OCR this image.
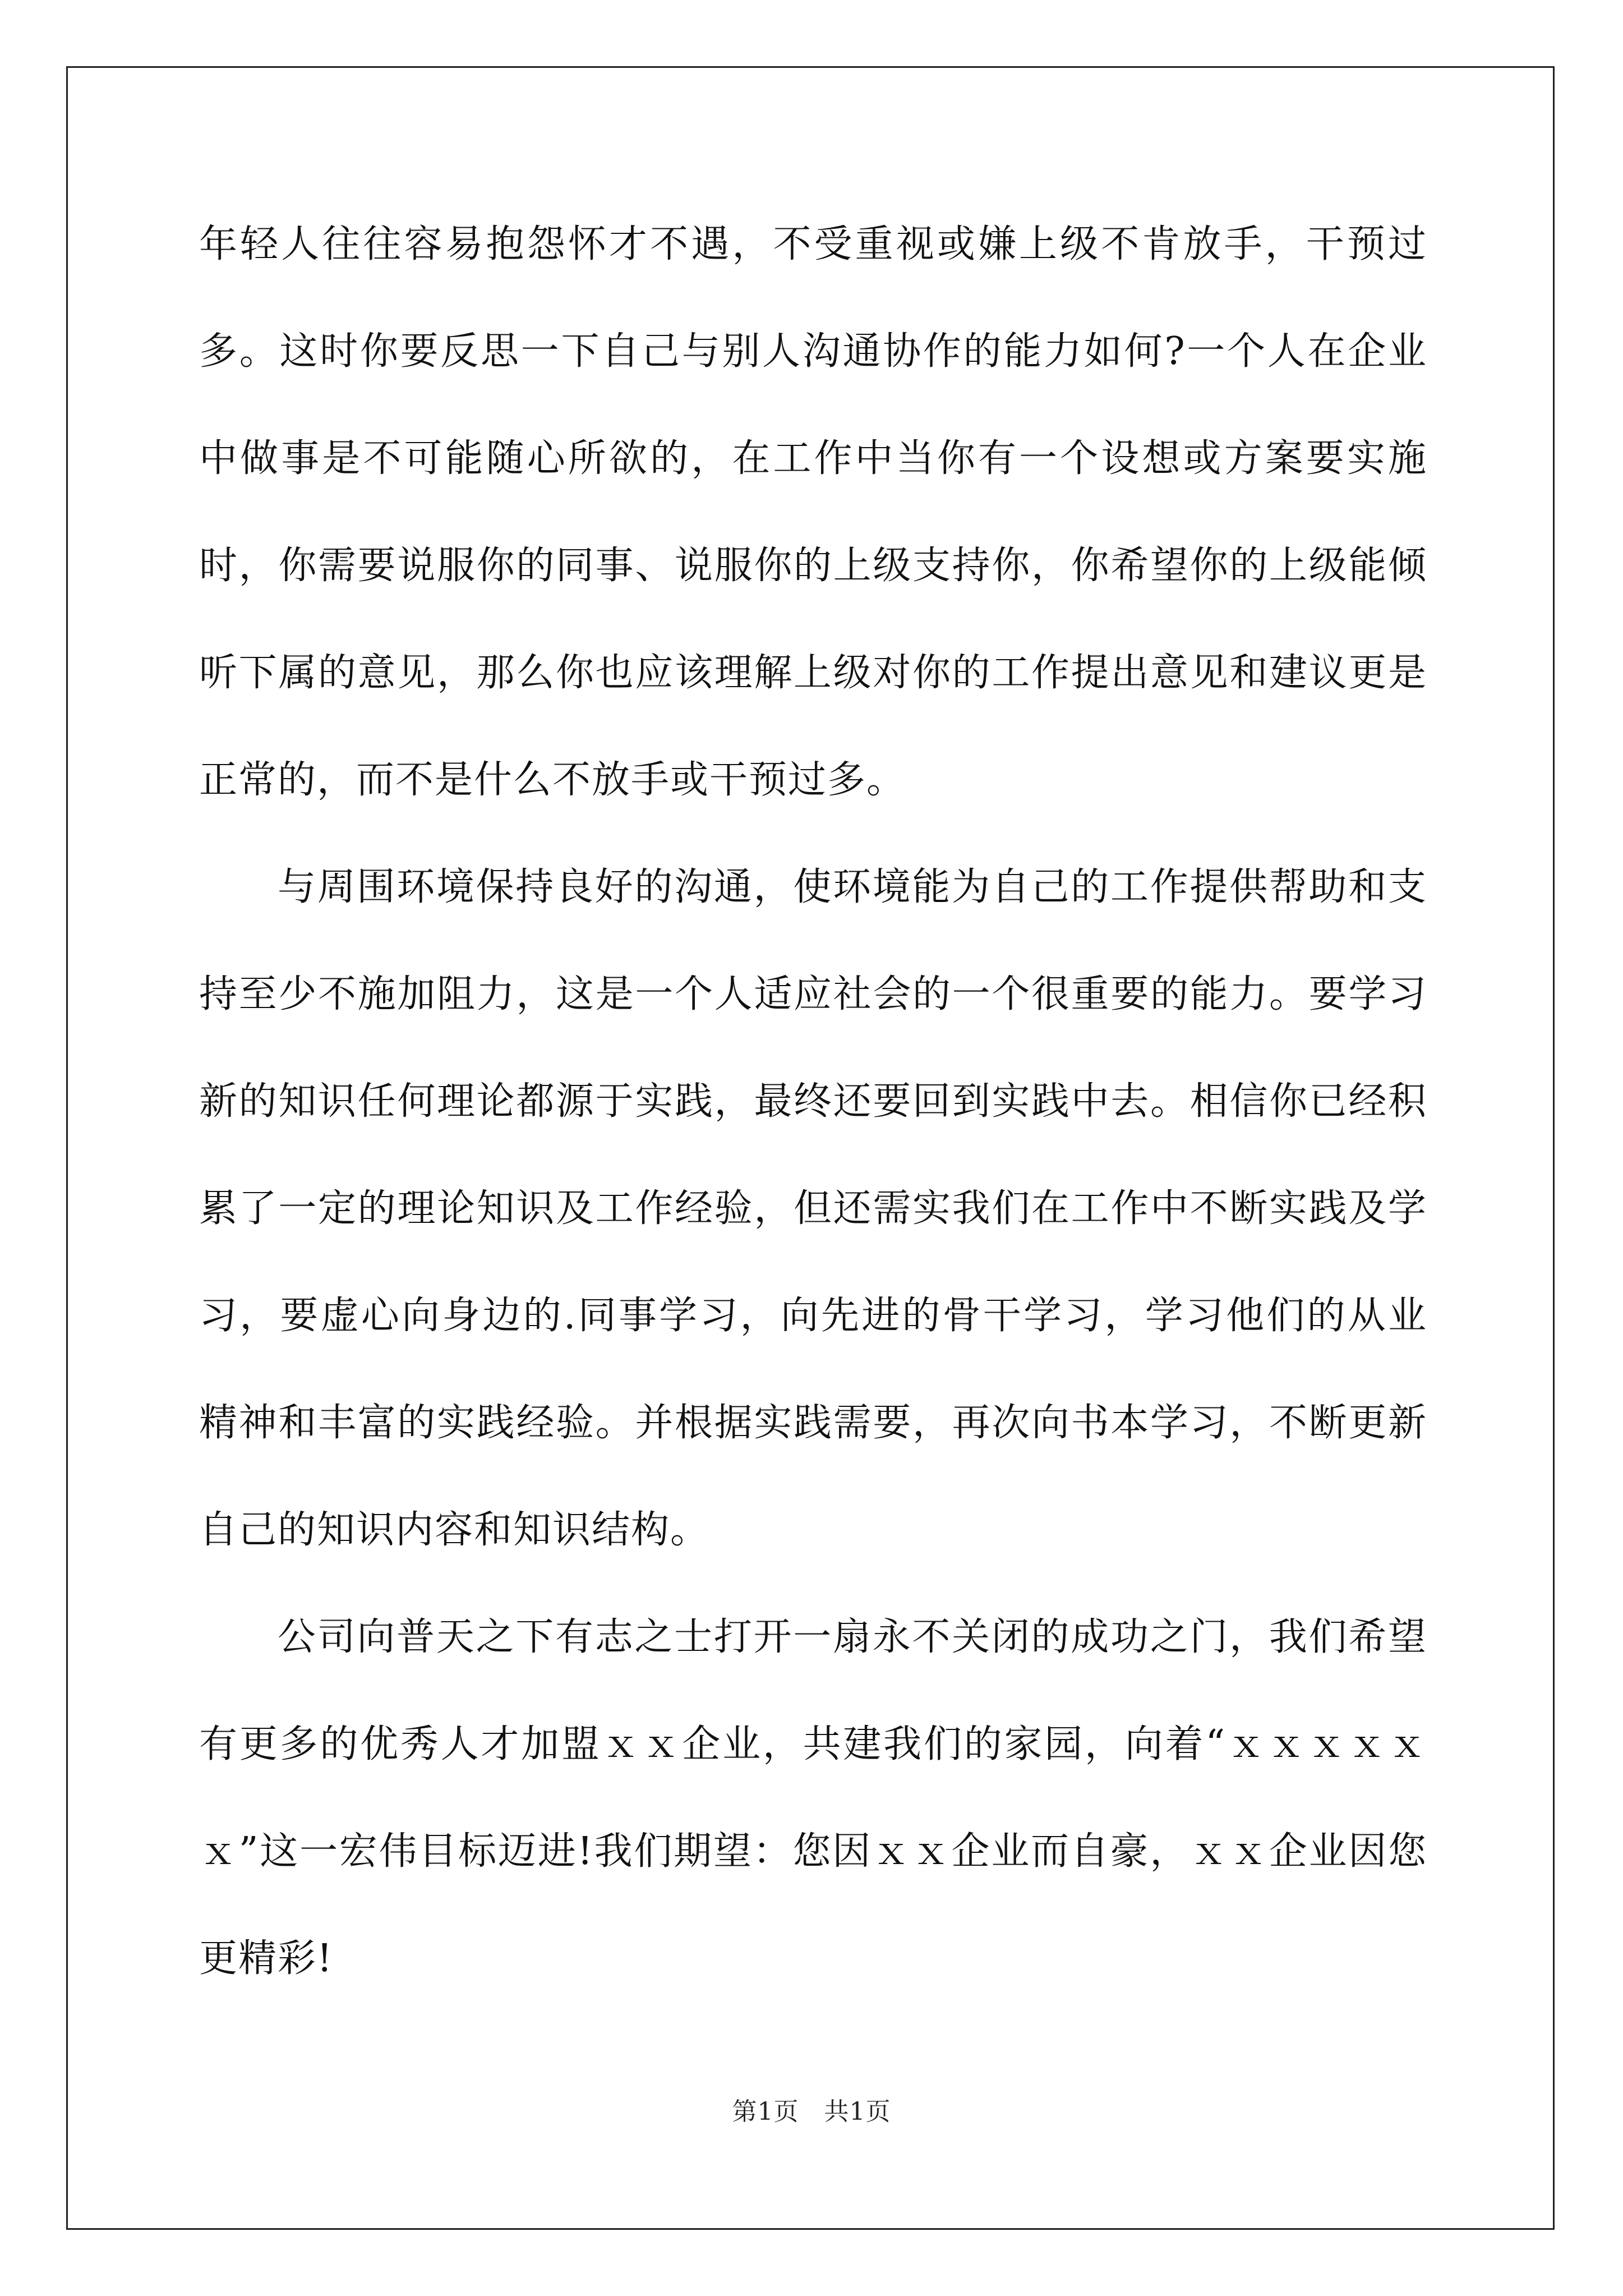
年轻人往往容易抱怨怀才不遇，不受重视或嫌上级不肯放手，干预过多。这时你要反思一下自己与别人沟通协作的能力如何?一个人在企业中做事是不可能随心所欲的，在工作中当你有一个设想或方案要实施时，你需要说服你的同事、说服你的上级支持你，你希望你的上级能倾听下属的意见，那么你也应该理解上级对你的工作提出意见和建议更是正常的，而不是什么不放手或干预过多。

与周围环境保持良好的沟通，使环境能为自己的工作提供帮助和支持至少不施加阻力，这是一个人适应社会的一个很重要的能力。要学习新的知识任何理论都源于实践，最终还要回到实践中去。相信你已经积累了一定的理论知识及工作经验，但还需实我们在工作中不断实践及学习，要虚心向身边的.同事学习，向先进的骨干学习，学习他们的从业精神和丰富的实践经验。并根据实践需要，再次向书本学习，不断更新自己的知识内容和知识结构。

公司向普天之下有志之士打开一扇永不关闭的成功之门，我们希望有更多的优秀人才加盟ｘｘ企业，共建我们的家园，向着“ｘｘｘｘｘｘ”这一宏伟目标迈进!我们期望：您因ｘｘ企业而自豪，ｘｘ企业因您更精彩!

第1页　共1页
